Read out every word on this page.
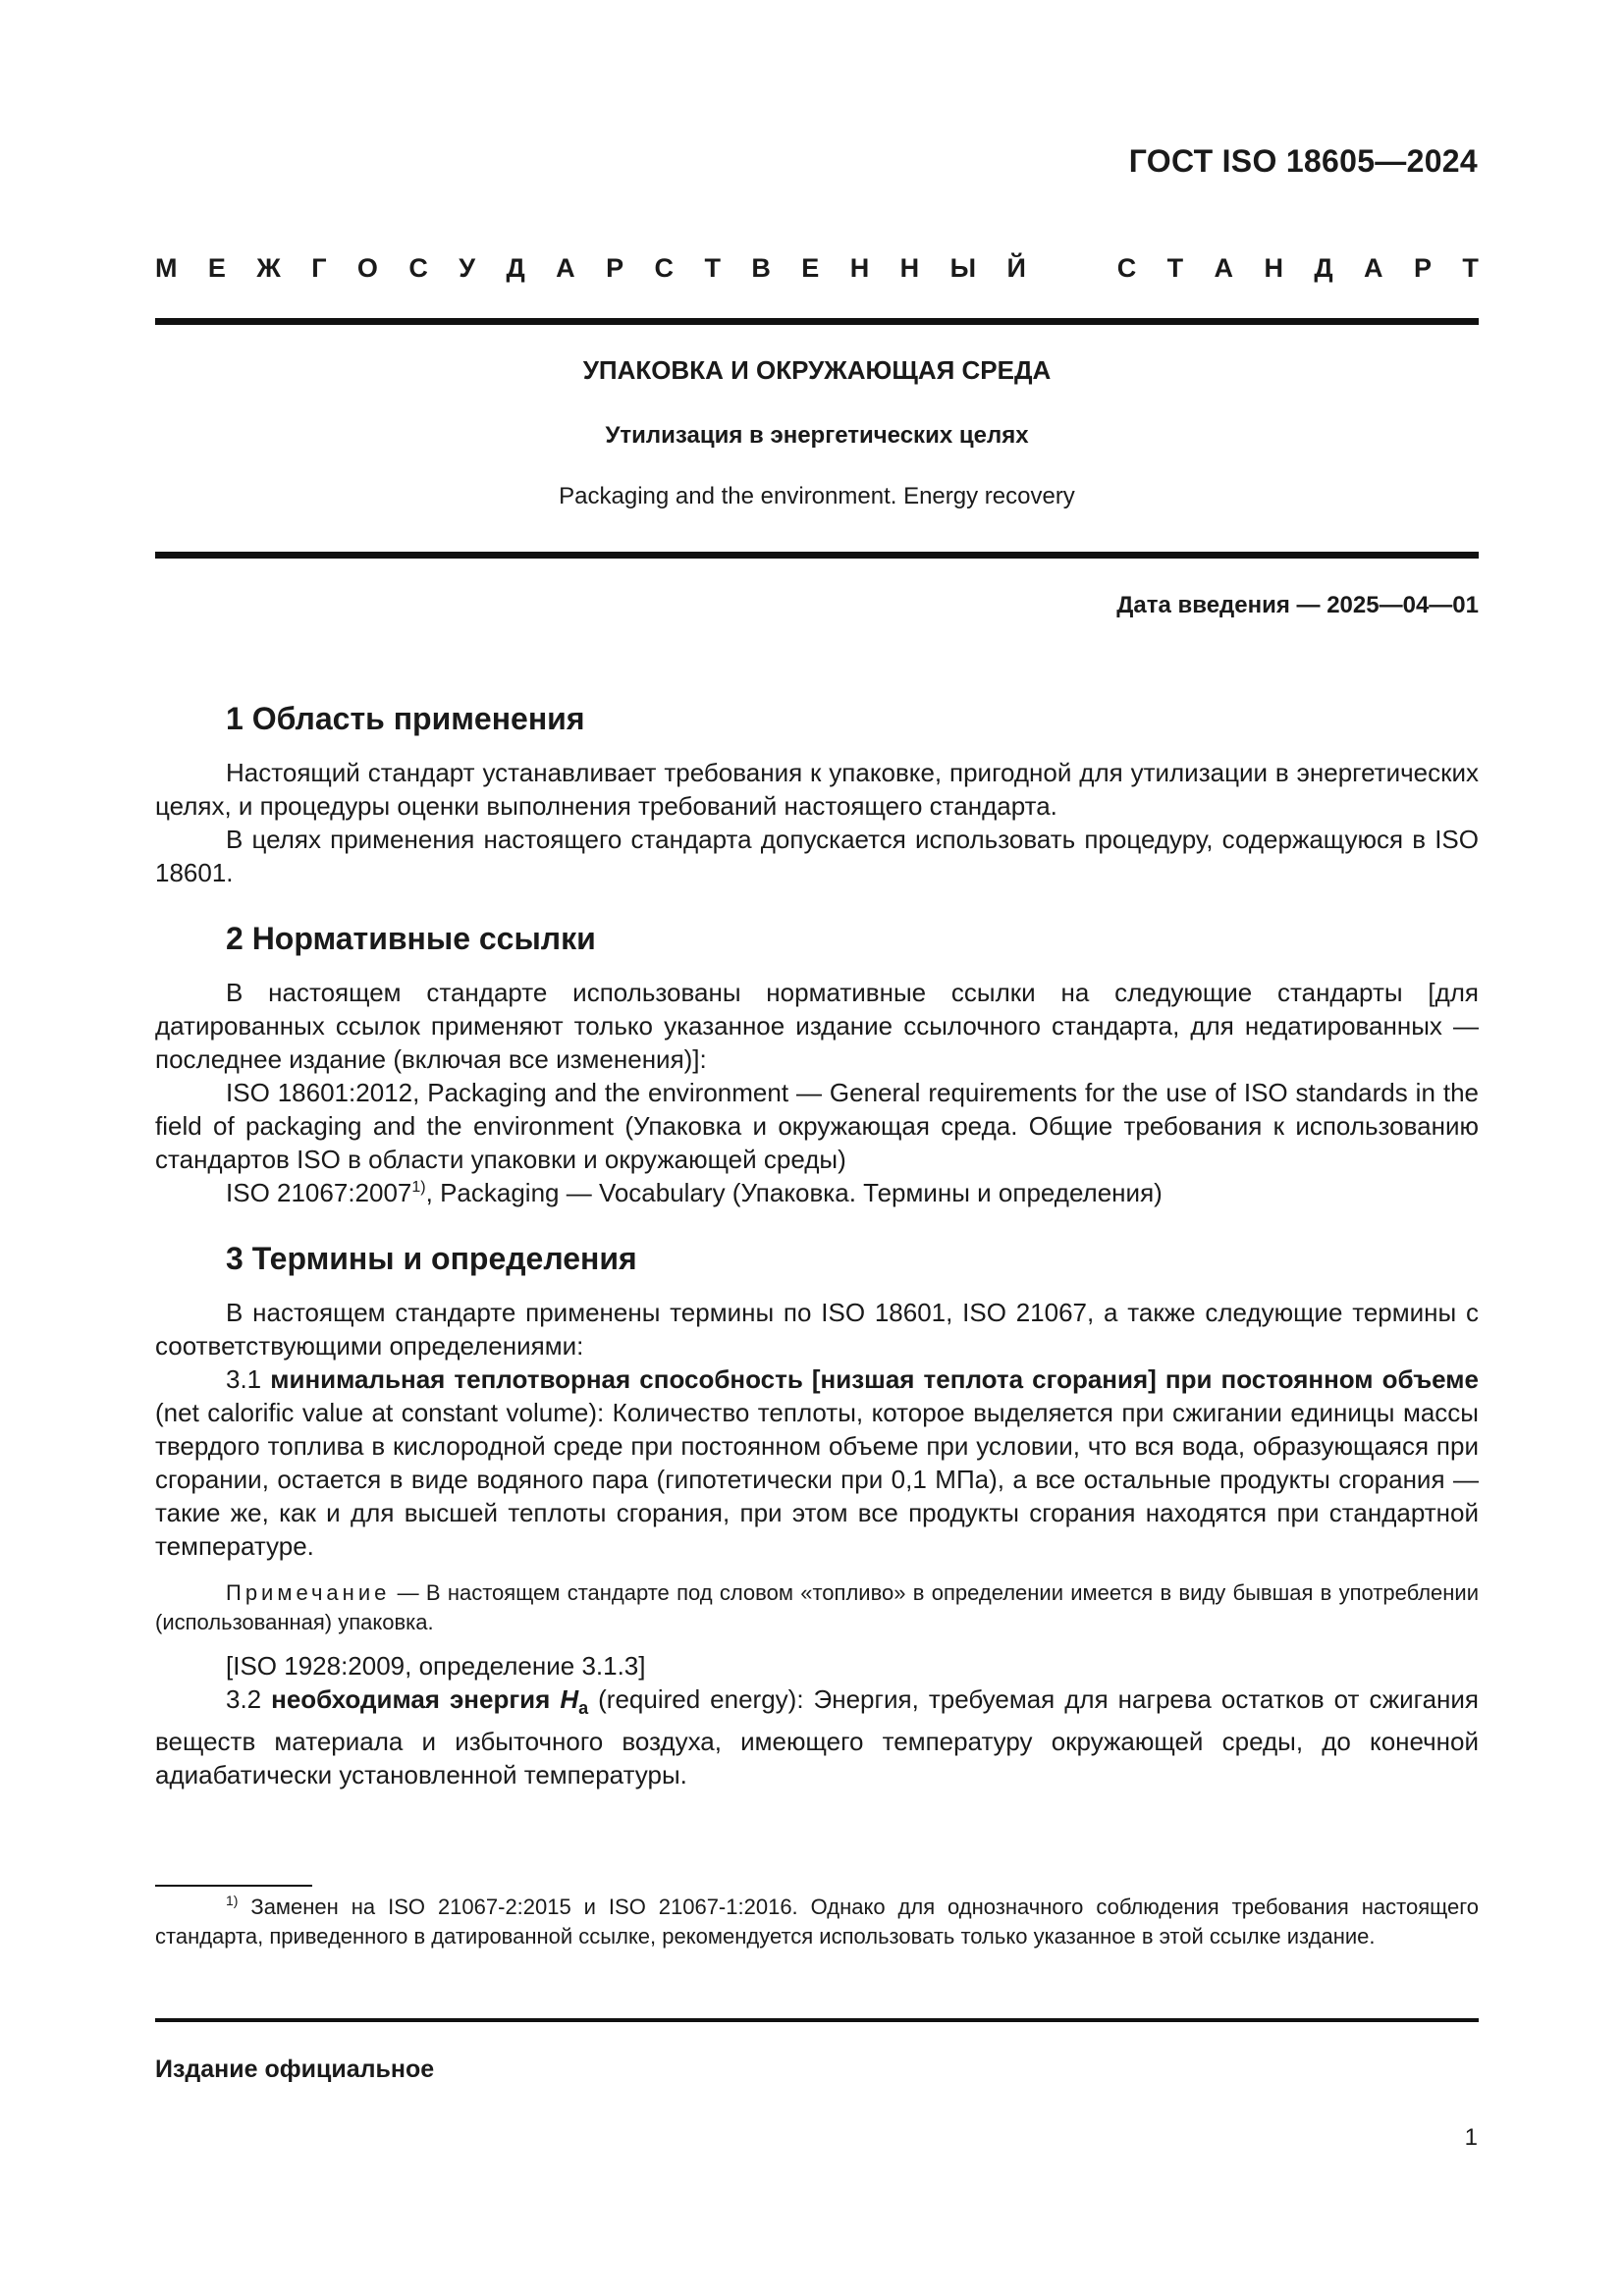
ГОСТ ISO 18605—2024
М Е Ж Г О С У Д А Р С Т В Е Н Н Ы Й	С Т А Н Д А Р Т
УПАКОВКА И ОКРУЖАЮЩАЯ СРЕДА
Утилизация в энергетических целях
Packaging and the environment. Energy recovery
Дата введения — 2025—04—01
1 Область применения

Настоящий стандарт устанавливает требования к упаковке, пригодной для утилизации в энергетических целях, и процедуры оценки выполнения требований настоящего стандарта.

В целях применения настоящего стандарта допускается использовать процедуру, содержащуюся в ISO 18601.

2 Нормативные ссылки

В настоящем стандарте использованы нормативные ссылки на следующие стандарты [для датированных ссылок применяют только указанное издание ссылочного стандарта, для недатированных — последнее издание (включая все изменения)]:

ISO 18601:2012, Packaging and the environment — General requirements for the use of ISO standards in the field of packaging and the environment (Упаковка и окружающая среда. Общие требования к использованию стандартов ISO в области упаковки и окружающей среды)

ISO 21067:2007$^{1)}$, Packaging — Vocabulary (Упаковка. Термины и определения)

3 Термины и определения

В настоящем стандарте применены термины по ISO 18601, ISO 21067, а также следующие термины с соответствующими определениями:

3.1 минимальная теплотворная способность [низшая теплота сгорания] при постоянном объеме (net calorific value at constant volume): Количество теплоты, которое выделяется при сжигании единицы массы твердого топлива в кислородной среде при постоянном объеме при условии, что вся вода, образующаяся при сгорании, остается в виде водяного пара (гипотетически при 0,1 МПа), а все остальные продукты сгорания — такие же, как и для высшей теплоты сгорания, при этом все продукты сгорания находятся при стандартной температуре.

Примечание — В настоящем стандарте под словом «топливо» в определении имеется в виду бывшая в употреблении (использованная) упаковка.

[ISO 1928:2009, определение 3.1.3]

3.2 необходимая энергия $H_a$ (required energy): Энергия, требуемая для нагрева остатков от сжигания веществ материала и избыточного воздуха, имеющего температуру окружающей среды, до конечной адиабатически установленной температуры.

$^{1)}$ Заменен на ISO 21067-2:2015 и ISO 21067-1:2016. Однако для однозначного соблюдения требования настоящего стандарта, приведенного в датированной ссылке, рекомендуется использовать только указанное в этой ссылке издание.
Издание официальное
1
